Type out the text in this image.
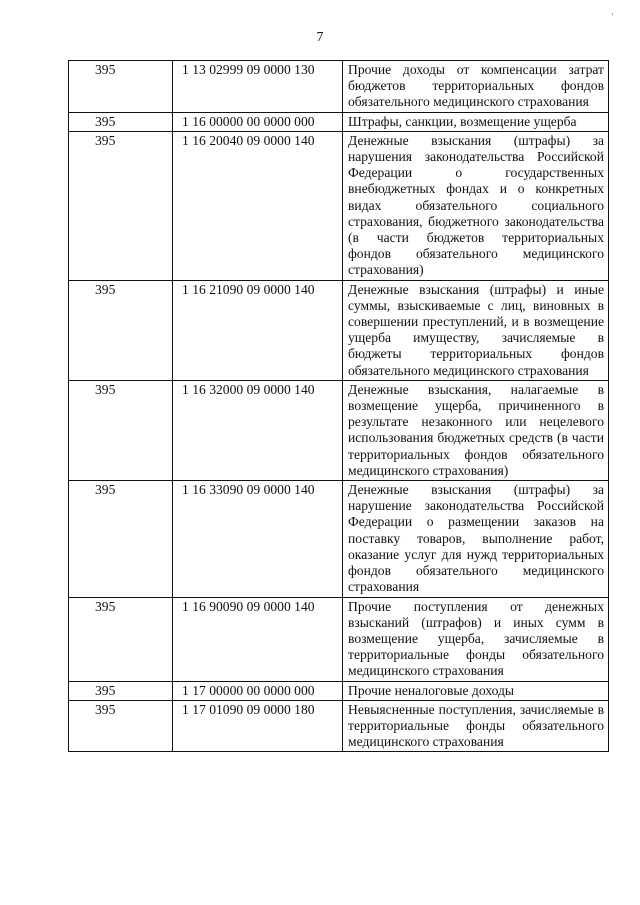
'
7
395	1 13 02999 09 0000 130	Прочие доходы от компенсации затрат бюджетов территориальных фондов обязательного медицинского страхования
395	1 16 00000 00 0000 000	Штрафы, санкции, возмещение ущерба
395	1 16 20040 09 0000 140	Денежные взыскания (штрафы) за нарушения законодательства Российской Федерации о государственных внебюджетных фондах и о конкретных видах обязательного социального страхования, бюджетного законодательства (в части бюджетов территориальных фондов обязательного медицинского страхования)
395	1 16 21090 09 0000 140	Денежные взыскания (штрафы) и иные суммы, взыскиваемые с лиц, виновных в совершении преступлений, и в возмещение ущерба имуществу, зачисляемые в бюджеты территориальных фондов обязательного медицинского страхования
395	1 16 32000 09 0000 140	Денежные взыскания, налагаемые в возмещение ущерба, причиненного в результате незаконного или нецелевого использования бюджетных средств (в части территориальных фондов обязательного медицинского страхования)
395	1 16 33090 09 0000 140	Денежные взыскания (штрафы) за нарушение законодательства Российской Федерации о размещении заказов на поставку товаров, выполнение работ, оказание услуг для нужд территориальных фондов обязательного медицинского страхования
395	1 16 90090 09 0000 140	Прочие поступления от денежных взысканий (штрафов) и иных сумм в возмещение ущерба, зачисляемые в территориальные фонды обязательного медицинского страхования
395	1 17 00000 00 0000 000	Прочие неналоговые доходы
395	1 17 01090 09 0000 180	Невыясненные поступления, зачисляемые в территориальные фонды обязательного медицинского страхования
